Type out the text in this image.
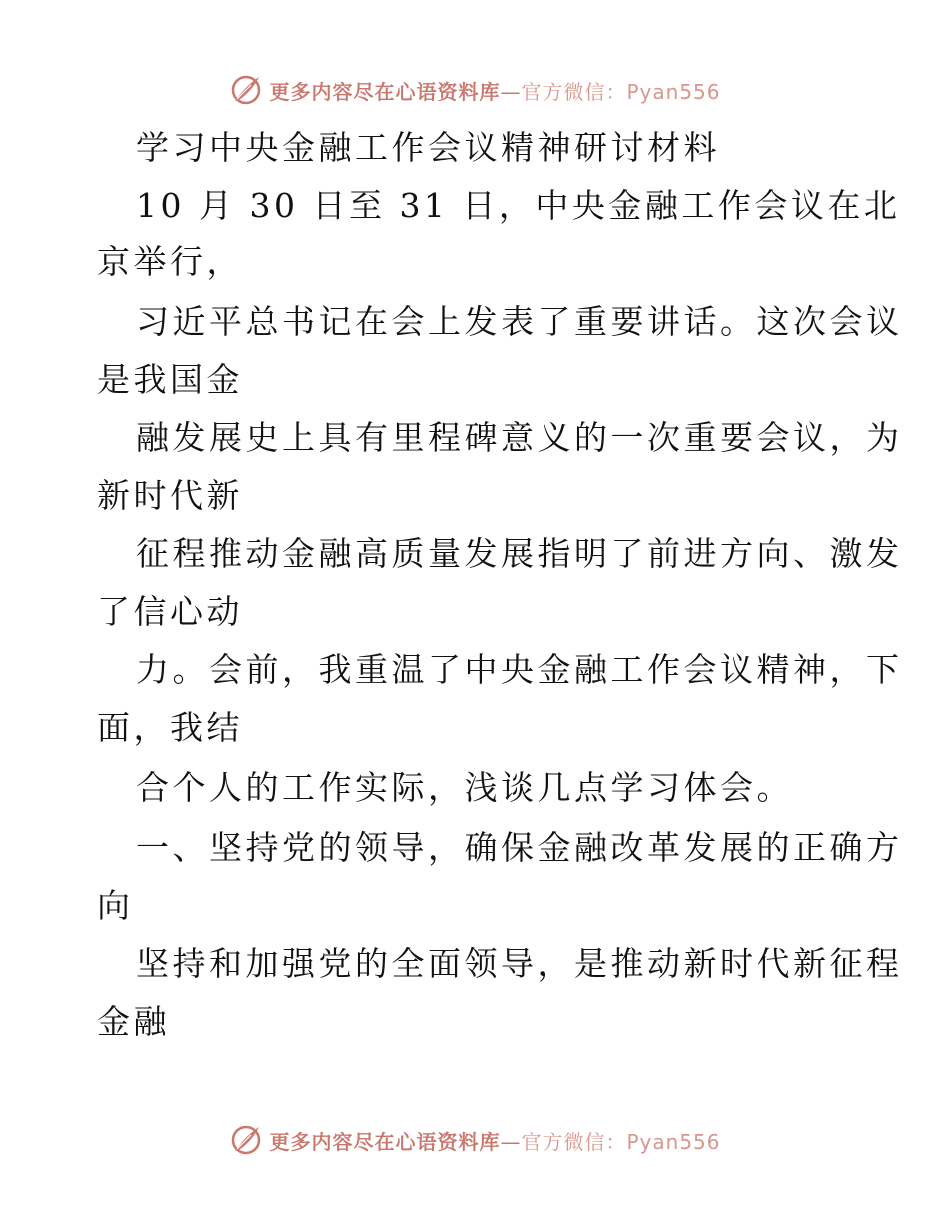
更多内容尽在心语资料库—官方微信：Pyan556
学习中央金融工作会议精神研讨材料
10 月 30 日至 31 日，中央金融工作会议在北
京举行，
习近平总书记在会上发表了重要讲话。这次会议
是我国金
融发展史上具有里程碑意义的一次重要会议，为
新时代新
征程推动金融高质量发展指明了前进方向、激发
了信心动
力。会前，我重温了中央金融工作会议精神，下
面，我结
合个人的工作实际，浅谈几点学习体会。
一、坚持党的领导，确保金融改革发展的正确方
向
坚持和加强党的全面领导，是推动新时代新征程
金融
更多内容尽在心语资料库—官方微信：Pyan556
